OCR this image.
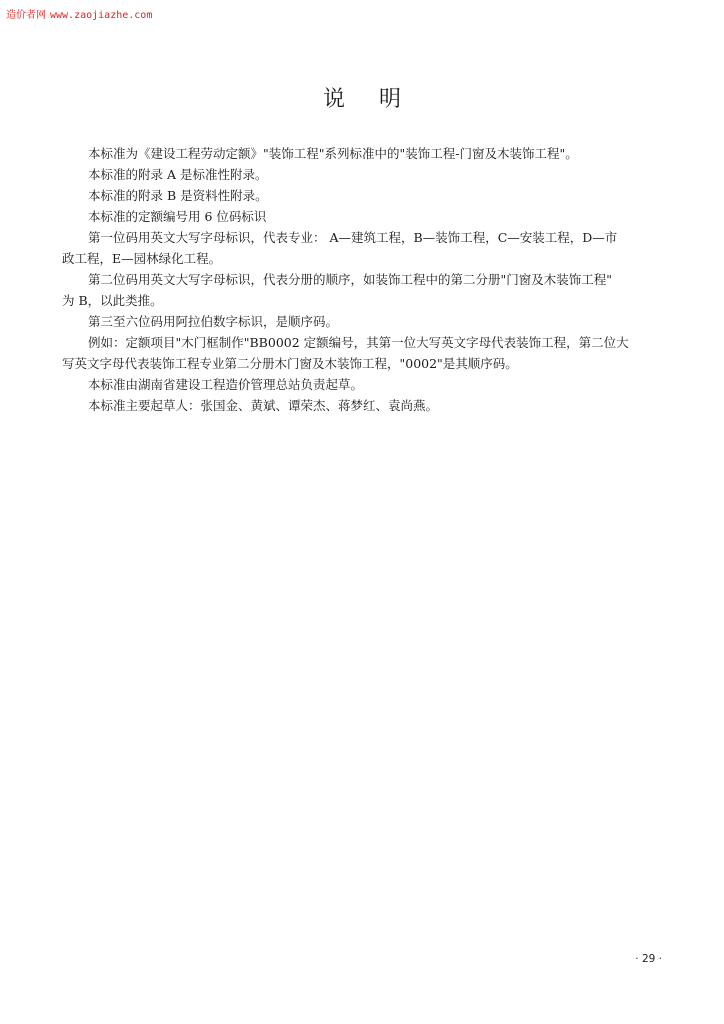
造价者网 www.zaojiazhe.com
说明

本标准为《建设工程劳动定额》"装饰工程"系列标准中的"装饰工程-门窗及木装饰工程"。

本标准的附录 A 是标准性附录。

本标准的附录 B 是资料性附录。

本标准的定额编号用 6 位码标识

第一位码用英文大写字母标识，代表专业： A—建筑工程，B—装饰工程，C—安装工程，D—市
政工程，E—园林绿化工程。

第二位码用英文大写字母标识，代表分册的顺序，如装饰工程中的第二分册"门窗及木装饰工程"
为 B，以此类推。

第三至六位码用阿拉伯数字标识，是顺序码。

例如：定额项目"木门框制作"BB0002 定额编号，其第一位大写英文字母代表装饰工程，第二位大
写英文字母代表装饰工程专业第二分册木门窗及木装饰工程，"0002"是其顺序码。

本标准由湖南省建设工程造价管理总站负责起草。

本标准主要起草人：张国金、黄斌、谭荣杰、蒋梦红、袁尚燕。

· 29 ·
